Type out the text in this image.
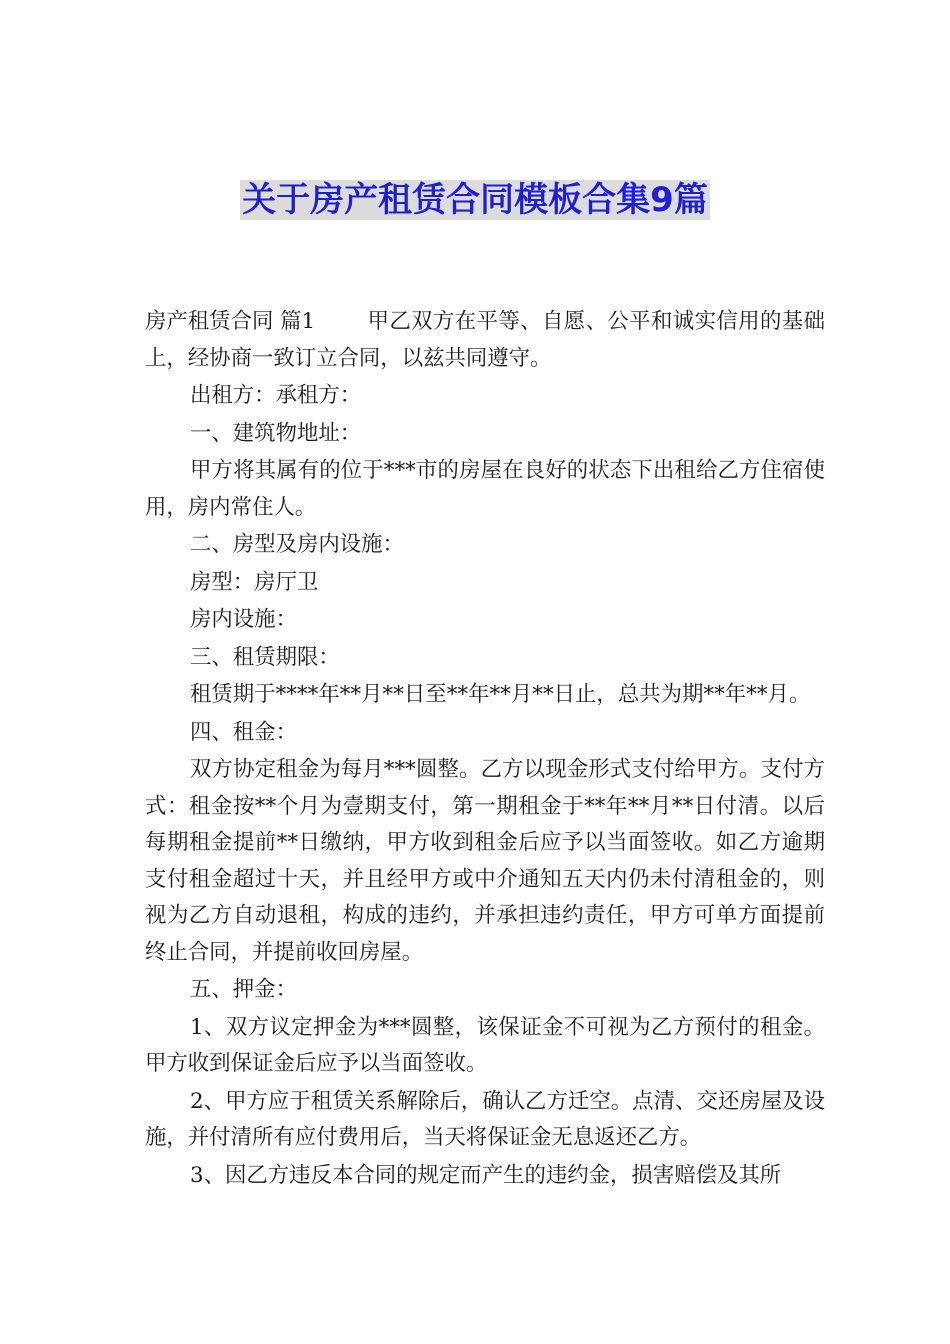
关于房产租赁合同模板合集9篇

房产租赁合同 篇1 甲乙双方在平等、自愿、公平和诚实信用的基础上，经协商一致订立合同，以兹共同遵守。

出租方：承租方：

一、建筑物地址：

甲方将其属有的位于***市的房屋在良好的状态下出租给乙方住宿使用，房内常住人。

二、房型及房内设施：

房型：房厅卫

房内设施：

三、租赁期限：

租赁期于****年**月**日至**年**月**日止，总共为期**年**月。

四、租金：

双方协定租金为每月***圆整。乙方以现金形式支付给甲方。支付方式：租金按**个月为壹期支付，第一期租金于**年**月**日付清。以后每期租金提前**日缴纳，甲方收到租金后应予以当面签收。如乙方逾期支付租金超过十天，并且经甲方或中介通知五天内仍未付清租金的，则视为乙方自动退租，构成的违约，并承担违约责任，甲方可单方面提前终止合同，并提前收回房屋。

五、押金：

1、双方议定押金为***圆整，该保证金不可视为乙方预付的租金。甲方收到保证金后应予以当面签收。

2、甲方应于租赁关系解除后，确认乙方迁空。点清、交还房屋及设施，并付清所有应付费用后，当天将保证金无息返还乙方。

3、因乙方违反本合同的规定而产生的违约金，损害赔偿及其所
